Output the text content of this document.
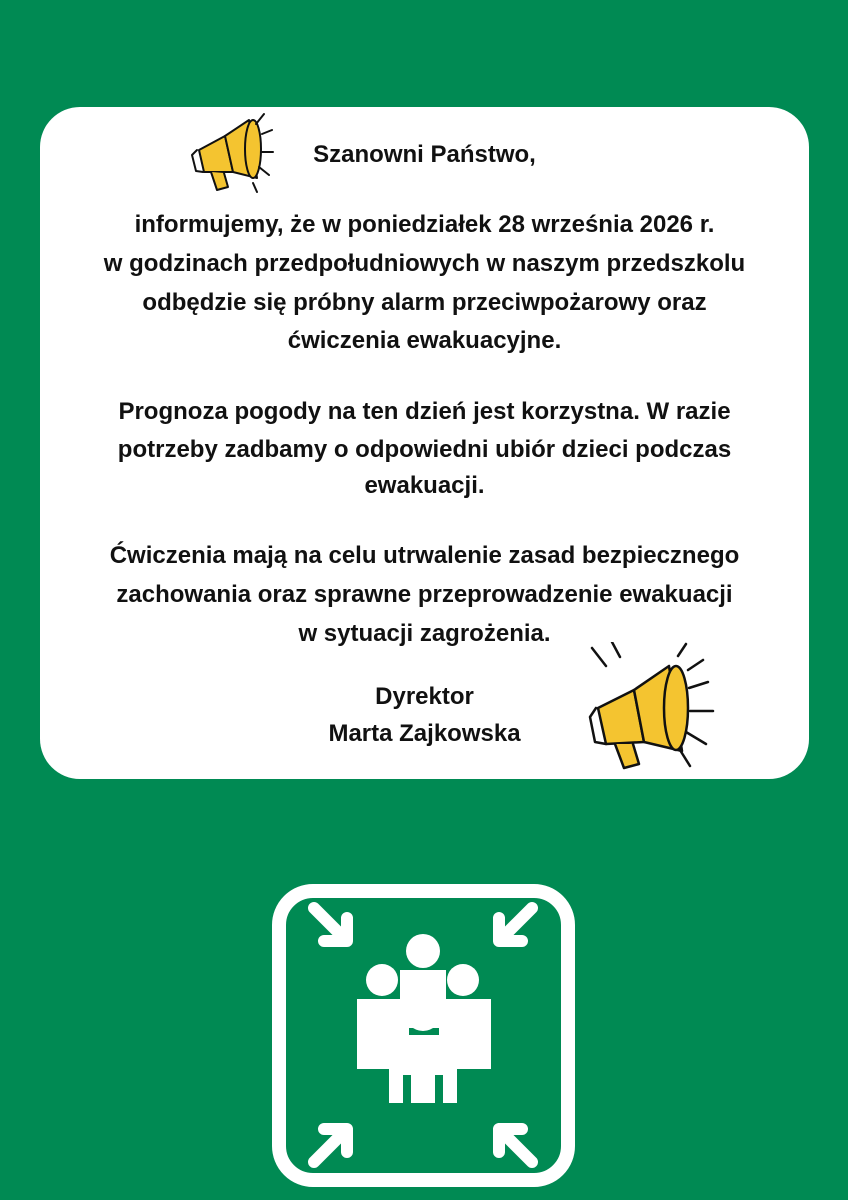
Szanowni Państwo,
informujemy, że w poniedziałek 28 września 2026 r.
w godzinach przedpołudniowych w naszym przedszkolu
odbędzie się próbny alarm przeciwpożarowy oraz
ćwiczenia ewakuacyjne.
Prognoza pogody na ten dzień jest korzystna. W razie
potrzeby zadbamy o odpowiedni ubiór dzieci podczas
ewakuacji.
Ćwiczenia mają na celu utrwalenie zasad bezpiecznego
zachowania oraz sprawne przeprowadzenie ewakuacji
w sytuacji zagrożenia.
Dyrektor
Marta Zajkowska
